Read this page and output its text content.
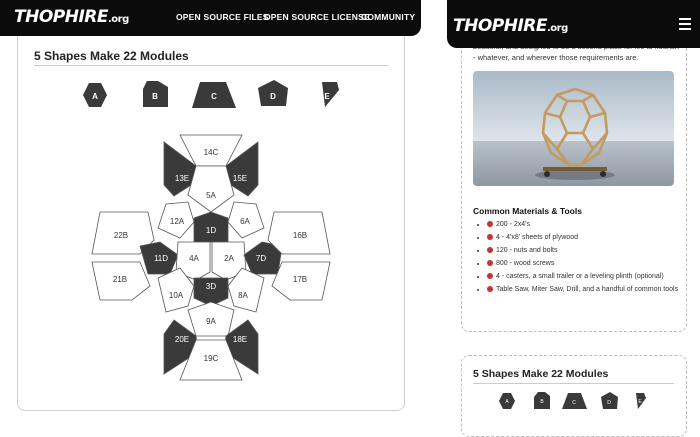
THOPHIRE.org	OPEN SOURCE FILES
OPEN SOURCE LICENSE
COMMUNITY
5 Shapes Make 22 Modules
A	B	C	D	E
14C
13E	15E
5A
12A
1D
6A
22B
11D	4A	2A	7D
16B
21B	17B
10A
3D
8A
9A
20E	18E
19C
THOPHIRE.org
- whatever, and wherever those requirements are.
Common Materials & Tools
• 200 - 2x4's
• 4 - 4'x8' sheets of plywood
• 120 - nuts and bolts
• 800 - wood screws
• 4 - casters, a small trailer or a leveling plinth (optional)
• Table Saw, Miter Saw, Drill, and a handful of common tools
5 Shapes Make 22 Modules
A	B	C	D	E
